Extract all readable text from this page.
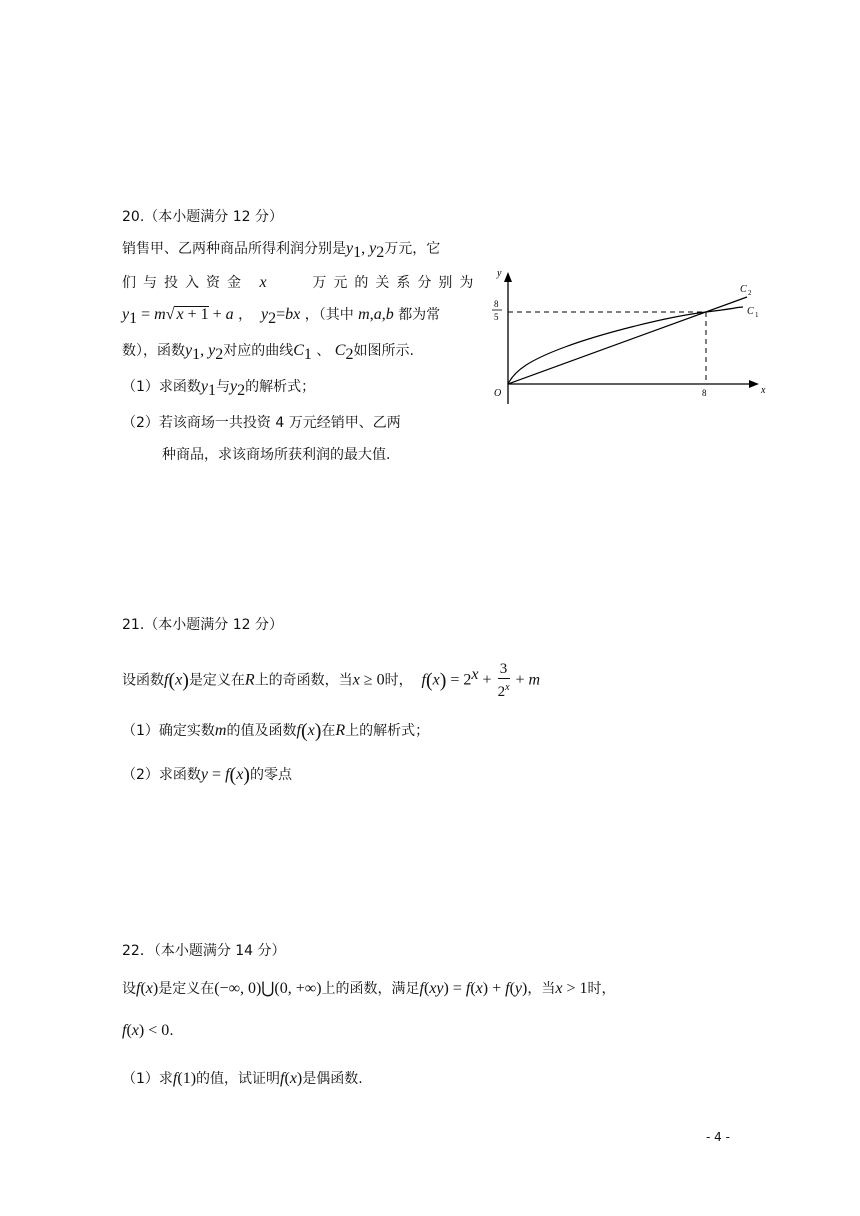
20.（本小题满分 12 分）
销售甲、乙两种商品所得利润分别是$y_1$, $y_2$万元，它
们与投入资金 x	万元的关系分别为
$y_1 = m√$ x + 1 + a ， $y_2=bx$ ，（其中 m,a,b 都为常
数），函数$y_1$, $y_2$对应的曲线$C_1$ 、 $C_2$如图所示.
（1）求函数$y_1$与$y_2$的解析式；
（2）若该商场一共投资 4 万元经销甲、乙两
种商品，求该商场所获利润的最大值.
y
x
O
8
5
8
C 2
C 1
21.（本小题满分 12 分）
设函数f(x)是定义在R上的奇函数，当x ≥ 0时， $f(x) = 2^x + \frac{3}{2^x} + m$
（1）确定实数m的值及函数f(x)在R上的解析式；
（2）求函数y = f(x)的零点
22．（本小题满分 14 分）
设f(x)是定义在(−∞, 0)⋃(0, +∞)上的函数，满足f(xy) = f(x) + f(y)，当x > 1时，
f(x) < 0.
（1）求f(1)的值，试证明f(x)是偶函数.
- 4 -
